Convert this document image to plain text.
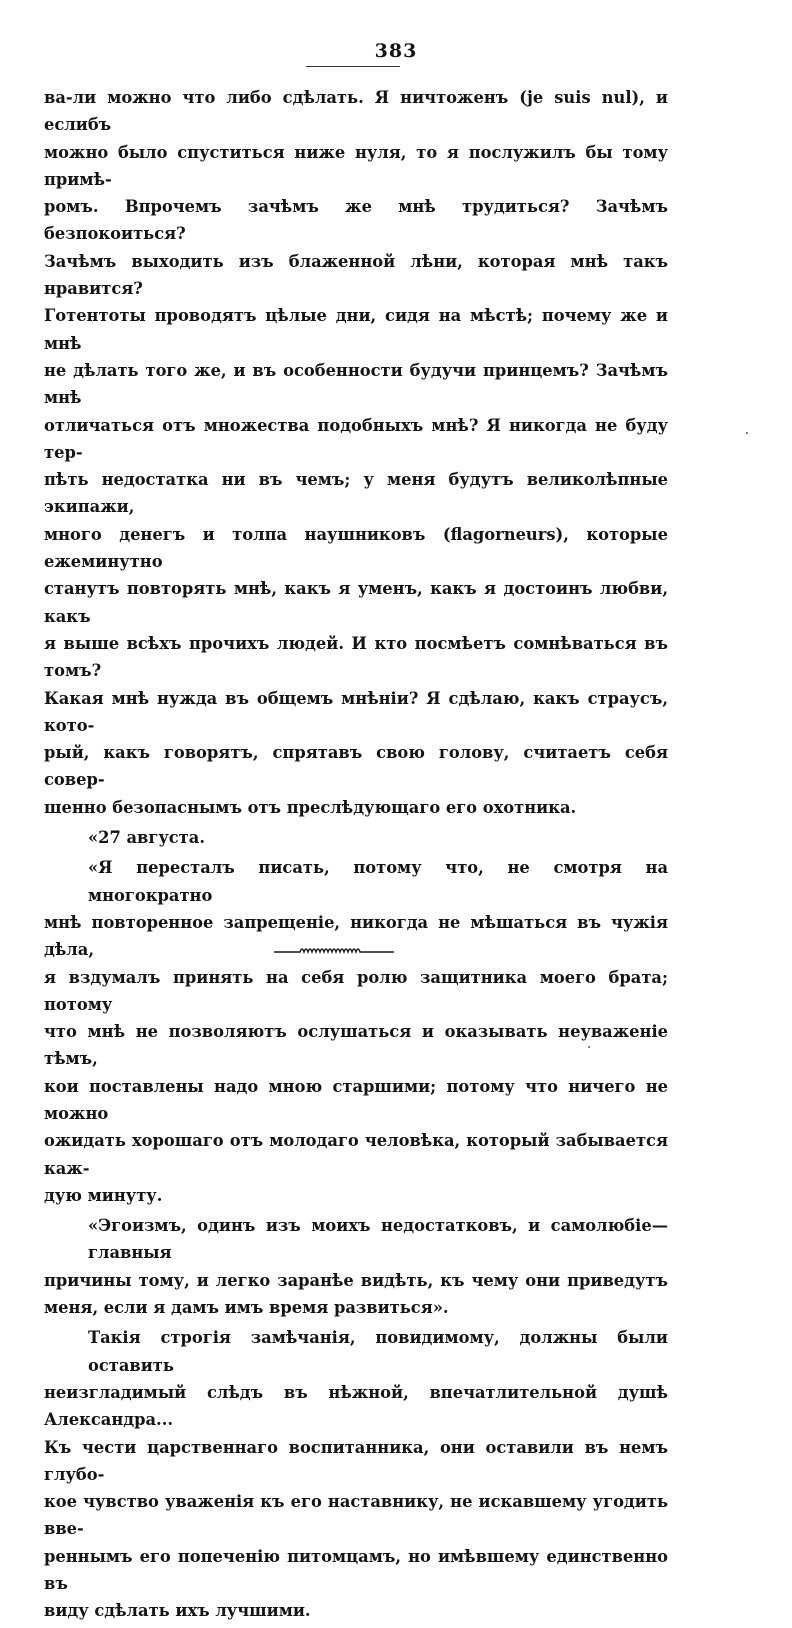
383
ва-ли можно что либо сдѣлать. Я ничтоженъ (je suis nul), и еслибъ
можно было спуститься ниже нуля, то я послужилъ бы тому примѣ-
ромъ. Впрочемъ зачѣмъ же мнѣ трудиться? Зачѣмъ безпокоиться?
Зачѣмъ выходить изъ блаженной лѣни, которая мнѣ такъ нравится?
Готентоты проводятъ цѣлые дни, сидя на мѣстѣ; почему же и мнѣ
не дѣлать того же, и въ особенности будучи принцемъ? Зачѣмъ мнѣ
отличаться отъ множества подобныхъ мнѣ? Я никогда не буду тер-
пѣть недостатка ни въ чемъ; у меня будутъ великолѣпные экипажи,
много денегъ и толпа наушниковъ (flagorneurs), которые ежеминутно
станутъ повторять мнѣ, какъ я уменъ, какъ я достоинъ любви, какъ
я выше всѣхъ прочихъ людей. И кто посмѣетъ сомнѣваться въ томъ?
Какая мнѣ нужда въ общемъ мнѣніи? Я сдѣлаю, какъ страусъ, кото-
рый, какъ говорятъ, спрятавъ свою голову, считаетъ себя совер-
шенно безопаснымъ отъ преслѣдующаго его охотника.
«27 августа.
«Я пересталъ писать, потому что, не смотря на многократно
мнѣ повторенное запрещеніе, никогда не мѣшаться въ чужія дѣла,
я вздумалъ принять на себя ролю защитника моего брата; потому
что мнѣ не позволяютъ ослушаться и оказывать неуваженіе тѣмъ,
кои поставлены надо мною старшими; потому что ничего не можно
ожидать хорошаго отъ молодаго человѣка, который забывается каж-
дую минуту.
«Эгоизмъ, одинъ изъ моихъ недостатковъ, и самолюбіе—главныя
причины тому, и легко заранѣе видѣть, къ чему они приведутъ
меня, если я дамъ имъ время развиться».
Такія строгія замѣчанія, повидимому, должны были оставить
неизгладимый слѣдъ въ нѣжной, впечатлительной душѣ Александра...
Къ чести царственнаго воспитанника, они оставили въ немъ глубо-
кое чувство уваженія къ его наставнику, не искавшему угодить вве-
реннымъ его попеченію питомцамъ, но имѣвшему единственно въ
виду сдѣлать ихъ лучшими.
